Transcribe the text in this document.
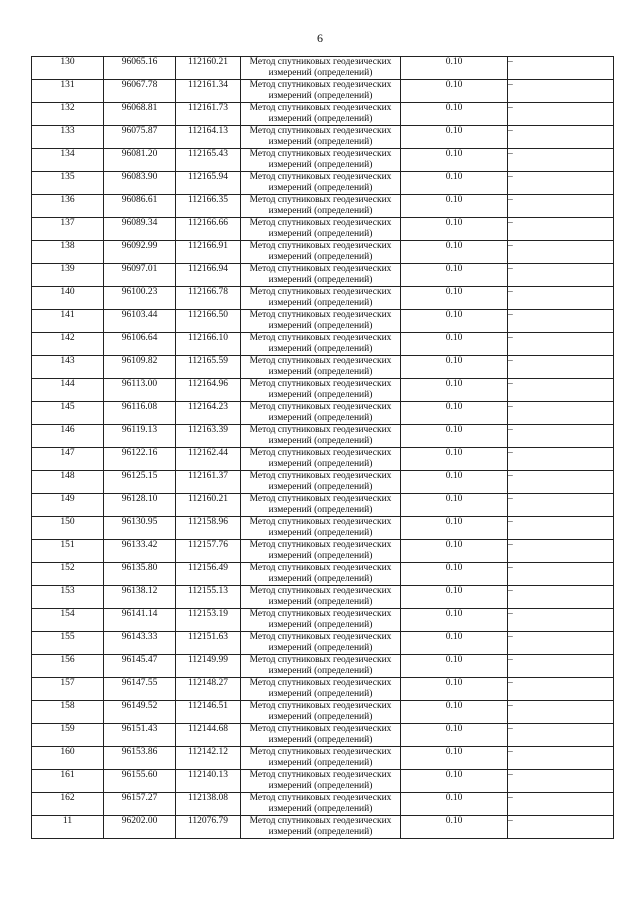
6
130	96065.16	112160.21	Метод спутниковых геодезических измерений (определений)	0.10	–
131	96067.78	112161.34	Метод спутниковых геодезических измерений (определений)	0.10	–
132	96068.81	112161.73	Метод спутниковых геодезических измерений (определений)	0.10	–
133	96075.87	112164.13	Метод спутниковых геодезических измерений (определений)	0.10	–
134	96081.20	112165.43	Метод спутниковых геодезических измерений (определений)	0.10	–
135	96083.90	112165.94	Метод спутниковых геодезических измерений (определений)	0.10	–
136	96086.61	112166.35	Метод спутниковых геодезических измерений (определений)	0.10	–
137	96089.34	112166.66	Метод спутниковых геодезических измерений (определений)	0.10	–
138	96092.99	112166.91	Метод спутниковых геодезических измерений (определений)	0.10	–
139	96097.01	112166.94	Метод спутниковых геодезических измерений (определений)	0.10	–
140	96100.23	112166.78	Метод спутниковых геодезических измерений (определений)	0.10	–
141	96103.44	112166.50	Метод спутниковых геодезических измерений (определений)	0.10	–
142	96106.64	112166.10	Метод спутниковых геодезических измерений (определений)	0.10	–
143	96109.82	112165.59	Метод спутниковых геодезических измерений (определений)	0.10	–
144	96113.00	112164.96	Метод спутниковых геодезических измерений (определений)	0.10	–
145	96116.08	112164.23	Метод спутниковых геодезических измерений (определений)	0.10	–
146	96119.13	112163.39	Метод спутниковых геодезических измерений (определений)	0.10	–
147	96122.16	112162.44	Метод спутниковых геодезических измерений (определений)	0.10	–
148	96125.15	112161.37	Метод спутниковых геодезических измерений (определений)	0.10	–
149	96128.10	112160.21	Метод спутниковых геодезических измерений (определений)	0.10	–
150	96130.95	112158.96	Метод спутниковых геодезических измерений (определений)	0.10	–
151	96133.42	112157.76	Метод спутниковых геодезических измерений (определений)	0.10	–
152	96135.80	112156.49	Метод спутниковых геодезических измерений (определений)	0.10	–
153	96138.12	112155.13	Метод спутниковых геодезических измерений (определений)	0.10	–
154	96141.14	112153.19	Метод спутниковых геодезических измерений (определений)	0.10	–
155	96143.33	112151.63	Метод спутниковых геодезических измерений (определений)	0.10	–
156	96145.47	112149.99	Метод спутниковых геодезических измерений (определений)	0.10	–
157	96147.55	112148.27	Метод спутниковых геодезических измерений (определений)	0.10	–
158	96149.52	112146.51	Метод спутниковых геодезических измерений (определений)	0.10	–
159	96151.43	112144.68	Метод спутниковых геодезических измерений (определений)	0.10	–
160	96153.86	112142.12	Метод спутниковых геодезических измерений (определений)	0.10	–
161	96155.60	112140.13	Метод спутниковых геодезических измерений (определений)	0.10	–
162	96157.27	112138.08	Метод спутниковых геодезических измерений (определений)	0.10	–
11	96202.00	112076.79	Метод спутниковых геодезических измерений (определений)	0.10	–
